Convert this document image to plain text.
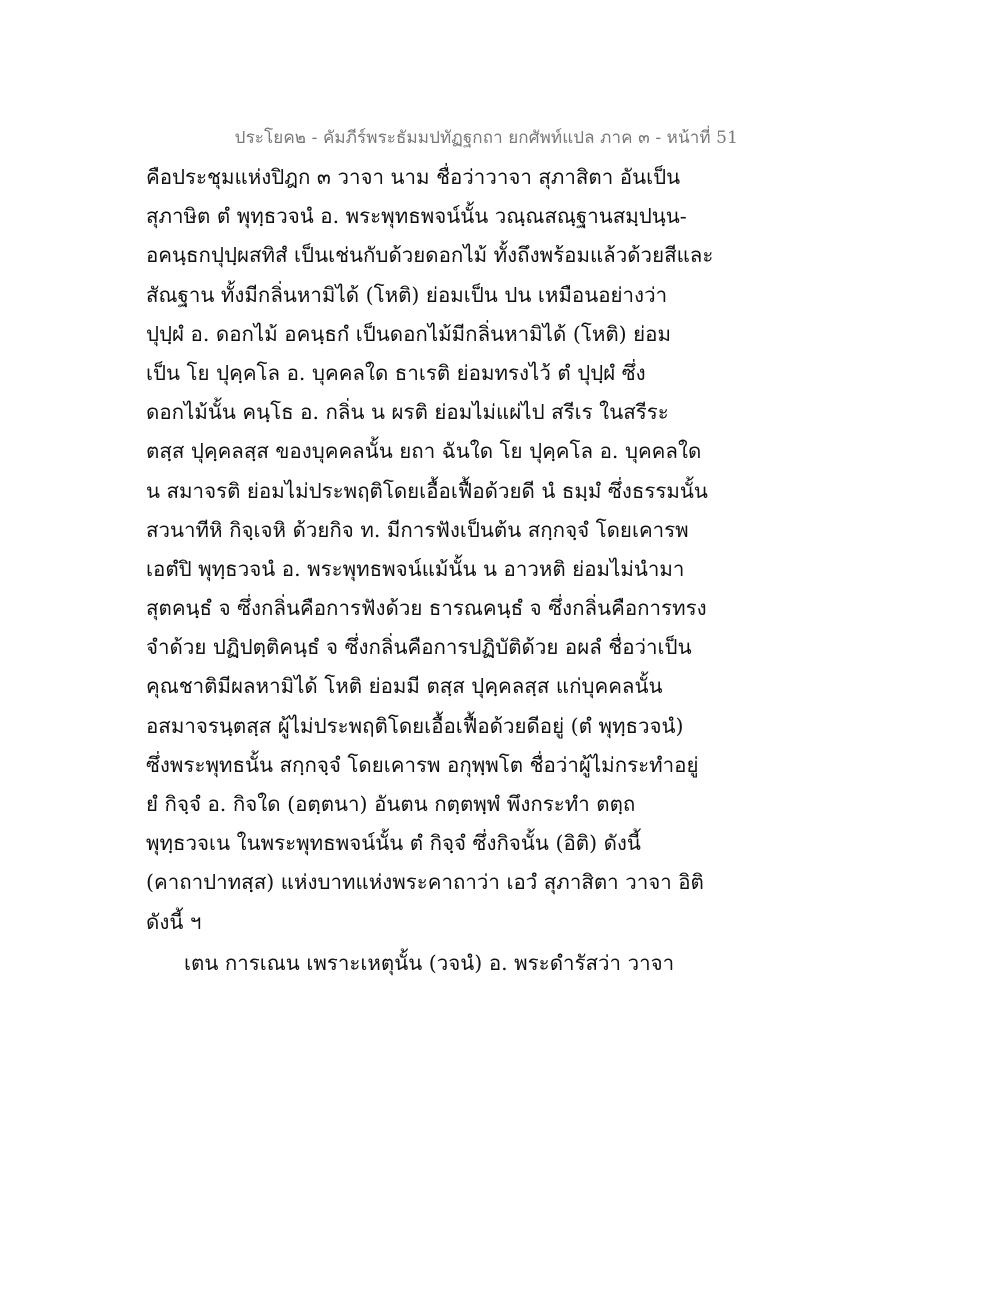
ประโยค๒ - คัมภีร์พระธัมมปทัฏฐกถา ยกศัพท์แปล ภาค ๓ - หน้าที่ 51
คือประชุมแห่งปิฎก ๓ วาจา นาม ชื่อว่าวาจา สุภาสิตา อันเป็น
สุภาษิต ตํ พุทฺธวจนํ อ. พระพุทธพจน์นั้น วณฺณสณฺฐานสมฺปนฺน-
อคนฺธกปุปฺผสทิสํ เป็นเช่นกับด้วยดอกไม้ ทั้งถึงพร้อมแล้วด้วยสีและ
สัณฐาน ทั้งมีกลิ่นหามิได้ (โหติ) ย่อมเป็น ปน เหมือนอย่างว่า
ปุปฺผํ อ. ดอกไม้ อคนฺธกํ เป็นดอกไม้มีกลิ่นหามิได้ (โหติ) ย่อม
เป็น โย ปุคฺคโล อ. บุคคลใด ธาเรติ ย่อมทรงไว้ ตํ ปุปฺผํ ซึ่ง
ดอกไม้นั้น คนฺโธ อ. กลิ่น น ผรติ ย่อมไม่แผ่ไป สรีเร ในสรีระ
ตสฺส ปุคฺคลสฺส ของบุคคลนั้น ยถา ฉันใด โย ปุคฺคโล อ. บุคคลใด
น สมาจรติ ย่อมไม่ประพฤติโดยเอื้อเฟื้อด้วยดี นํ ธมฺมํ ซึ่งธรรมนั้น
สวนาทีหิ กิจฺเจหิ ด้วยกิจ ท. มีการฟังเป็นต้น สกฺกจฺจํ โดยเคารพ
เอตํปิ พุทฺธวจนํ อ. พระพุทธพจน์แม้นั้น น อาวหติ ย่อมไม่นำมา
สุตคนฺธํ จ ซึ่งกลิ่นคือการฟังด้วย ธารณคนฺธํ จ ซึ่งกลิ่นคือการทรง
จำด้วย ปฏิปตฺติคนฺธํ จ ซึ่งกลิ่นคือการปฏิบัติด้วย อผลํ ชื่อว่าเป็น
คุณชาติมีผลหามิได้ โหติ ย่อมมี ตสฺส ปุคฺคลสฺส แก่บุคคลนั้น
อสมาจรนฺตสฺส ผู้ไม่ประพฤติโดยเอื้อเฟื้อด้วยดีอยู่ (ตํ พุทฺธวจนํ)
ซึ่งพระพุทธนั้น สกฺกจฺจํ โดยเคารพ อกุพฺพโต ชื่อว่าผู้ไม่กระทำอยู่
ยํ กิจฺจํ อ. กิจใด (อตฺตนา) อันตน กตฺตพฺพํ พึงกระทำ ตตฺถ
พุทฺธวจเน ในพระพุทธพจน์นั้น ตํ กิจฺจํ ซึ่งกิจนั้น (อิติ) ดังนี้
(คาถาปาทสฺส) แห่งบาทแห่งพระคาถาว่า เอวํ สุภาสิตา วาจา อิติ
ดังนี้ ฯ
เตน การเณน เพราะเหตุนั้น (วจนํ) อ. พระดำรัสว่า วาจา
